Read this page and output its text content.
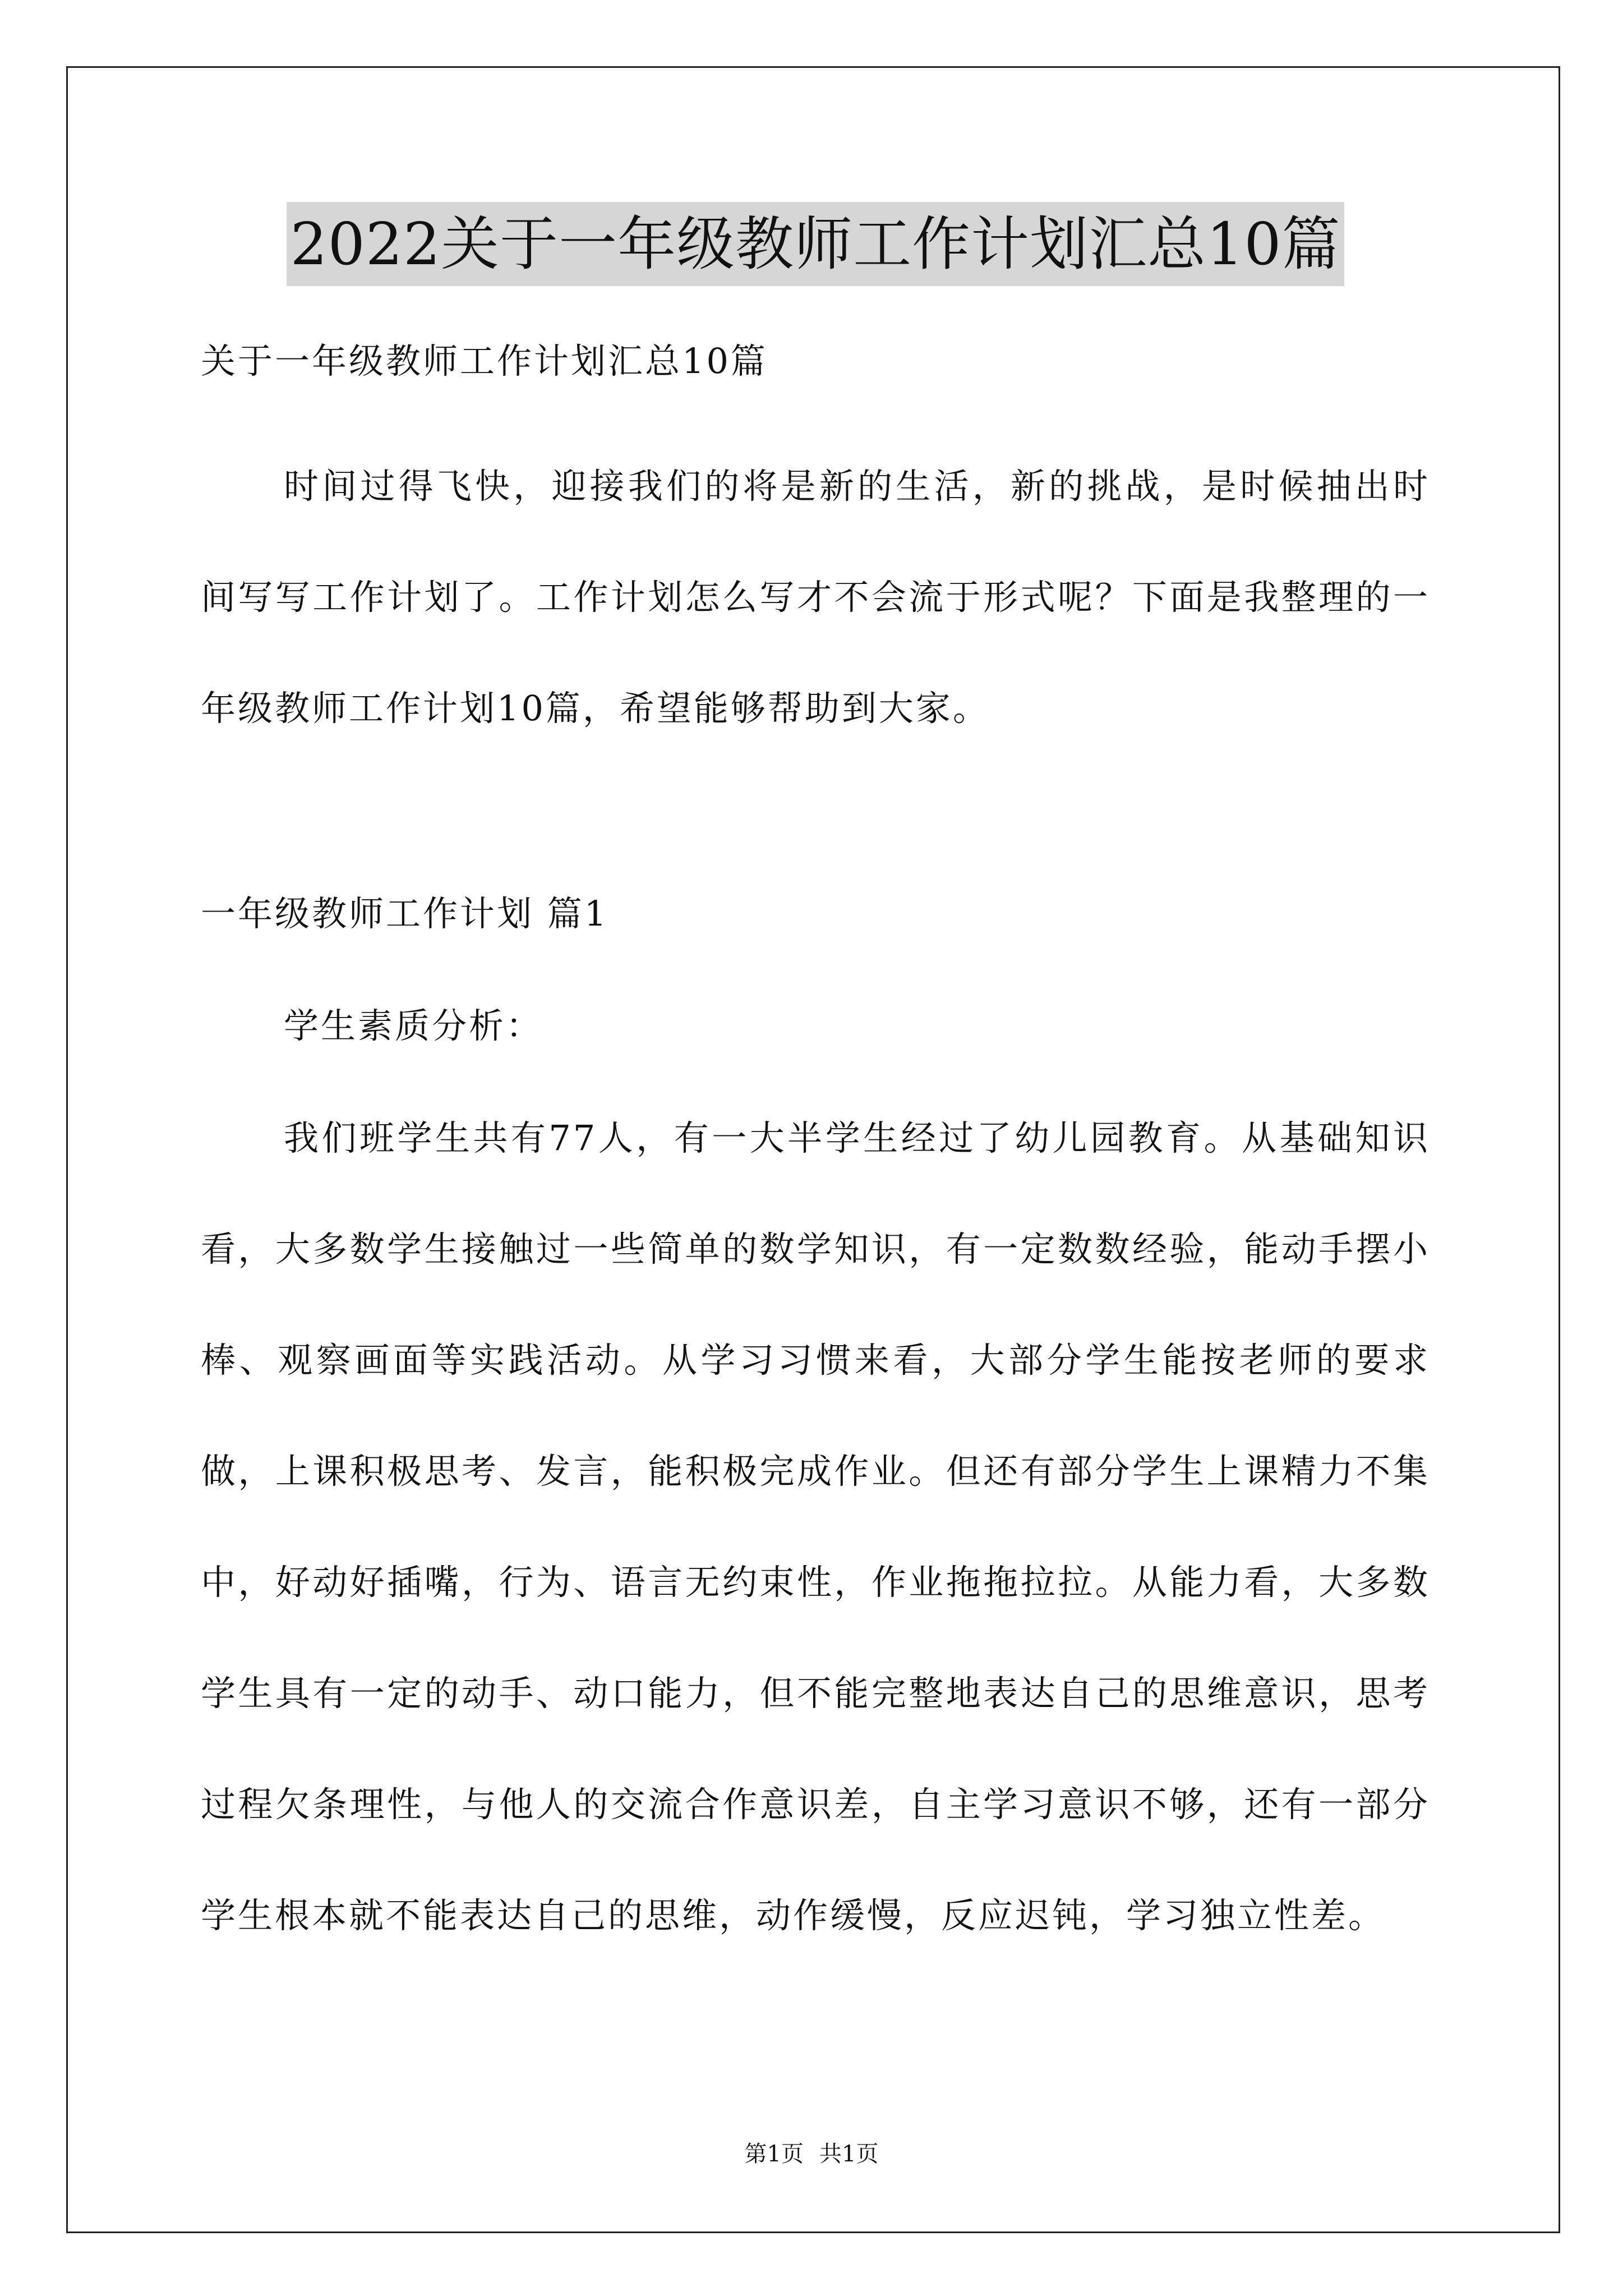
2022关于一年级教师工作计划汇总10篇
关于一年级教师工作计划汇总10篇
时间过得飞快，迎接我们的将是新的生活，新的挑战，是时候抽出时间写写工作计划了。工作计划怎么写才不会流于形式呢？下面是我整理的一年级教师工作计划10篇，希望能够帮助到大家。
一年级教师工作计划 篇1
学生素质分析：
我们班学生共有77人，有一大半学生经过了幼儿园教育。从基础知识看，大多数学生接触过一些简单的数学知识，有一定数数经验，能动手摆小棒、观察画面等实践活动。从学习习惯来看，大部分学生能按老师的要求做，上课积极思考、发言，能积极完成作业。但还有部分学生上课精力不集中，好动好插嘴，行为、语言无约束性，作业拖拖拉拉。从能力看，大多数学生具有一定的动手、动口能力，但不能完整地表达自己的思维意识，思考过程欠条理性，与他人的交流合作意识差，自主学习意识不够，还有一部分学生根本就不能表达自己的思维，动作缓慢，反应迟钝，学习独立性差。
第1页 共1页
